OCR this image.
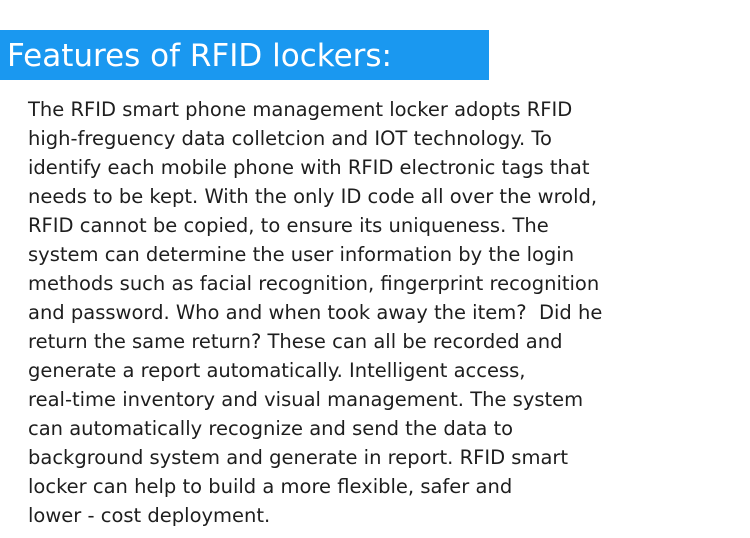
Features of RFID lockers:
The RFID smart phone management locker adopts RFID
high-freguency data colletcion and IOT technology. To
identify each mobile phone with RFID electronic tags that
needs to be kept. With the only ID code all over the wrold,
RFID cannot be copied, to ensure its uniqueness. The
system can determine the user information by the login
methods such as facial recognition, fingerprint recognition
and password. Who and when took away the item?  Did he
return the same return? These can all be recorded and
generate a report automatically. Intelligent access,
real-time inventory and visual management. The system
can automatically recognize and send the data to
background system and generate in report. RFID smart
locker can help to build a more flexible, safer and
lower - cost deployment.
